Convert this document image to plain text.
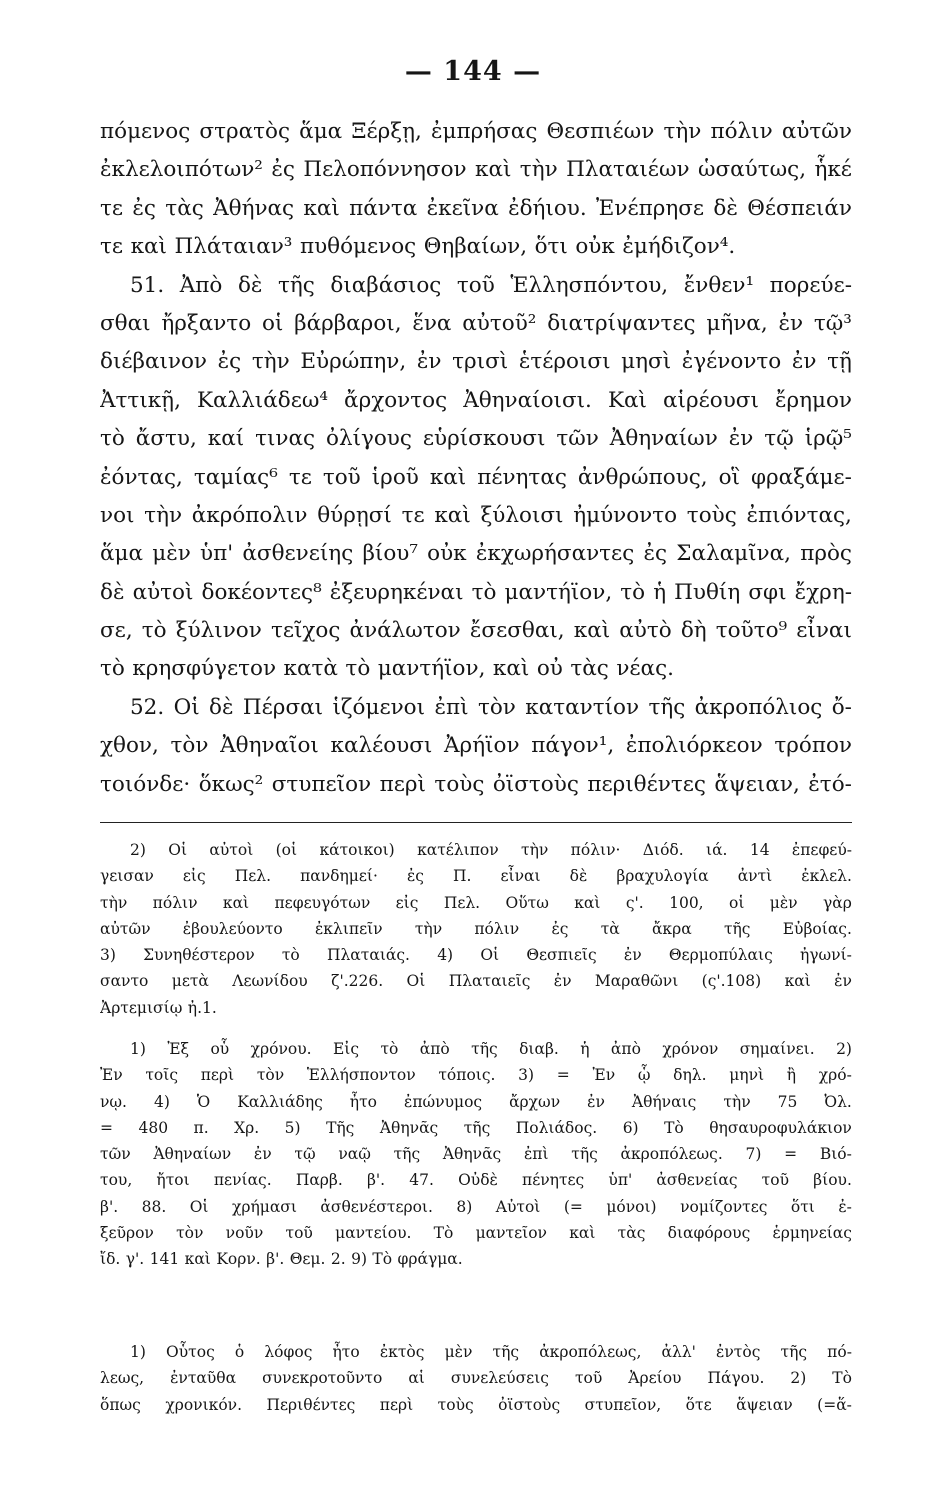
— 144 —
πόμενος στρατὸς ἅμα Ξέρξῃ, ἐμπρήσας Θεσπιέων τὴν πόλιν αὐτῶν
ἐκλελοιπότων² ἐς Πελοπόννησον καὶ τὴν Πλαταιέων ὡσαύτως, ἧκέ
τε ἐς τὰς Ἀθήνας καὶ πάντα ἐκεῖνα ἐδήιου. Ἐνέπρησε δὲ Θέσπειάν
τε καὶ Πλάταιαν³ πυθόμενος Θηβαίων, ὅτι οὐκ ἐμήδιζον⁴.
51. Ἀπὸ δὲ τῆς διαβάσιος τοῦ Ἑλλησπόντου, ἔνθεν¹ πορεύε-
σθαι ἤρξαντο οἱ βάρβαροι, ἕνα αὐτοῦ² διατρίψαντες μῆνα, ἐν τῷ³
διέβαινον ἐς τὴν Εὐρώπην, ἐν τρισὶ ἑτέροισι μησὶ ἐγένοντο ἐν τῇ
Ἀττικῇ, Καλλιάδεω⁴ ἄρχοντος Ἀθηναίοισι. Καὶ αἱρέουσι ἔρημον
τὸ ἄστυ, καί τινας ὀλίγους εὑρίσκουσι τῶν Ἀθηναίων ἐν τῷ ἱρῷ⁵
ἐόντας, ταμίας⁶ τε τοῦ ἱροῦ καὶ πένητας ἀνθρώπους, οἳ φραξάμε-
νοι τὴν ἀκρόπολιν θύρῃσί τε καὶ ξύλοισι ἠμύνοντο τοὺς ἐπιόντας,
ἅμα μὲν ὑπ' ἀσθενείης βίου⁷ οὐκ ἐκχωρήσαντες ἐς Σαλαμῖνα, πρὸς
δὲ αὐτοὶ δοκέοντες⁸ ἐξευρηκέναι τὸ μαντήϊον, τὸ ἡ Πυθίη σφι ἔχρη-
σε, τὸ ξύλινον τεῖχος ἀνάλωτον ἔσεσθαι, καὶ αὐτὸ δὴ τοῦτο⁹ εἶναι
τὸ κρησφύγετον κατὰ τὸ μαντήϊον, καὶ οὐ τὰς νέας.
52. Οἱ δὲ Πέρσαι ἱζόμενοι ἐπὶ τὸν καταντίον τῆς ἀκροπόλιος ὄ-
χθον, τὸν Ἀθηναῖοι καλέουσι Ἀρήϊον πάγον¹, ἐπολιόρκεον τρόπον
τοιόνδε· ὅκως² στυπεῖον περὶ τοὺς ὀϊστοὺς περιθέντες ἅψειαν, ἐτό-
2) Οἱ αὐτοὶ (οἱ κάτοικοι) κατέλιπον τὴν πόλιν· Διόδ. ιά. 14 ἐπεφεύ-
γεισαν εἰς Πελ. πανδημεί· ἐς Π. εἶναι δὲ βραχυλογία ἀντὶ ἐκλελ.
τὴν πόλιν καὶ πεφευγότων εἰς Πελ. Οὕτω καὶ ς'. 100, οἱ μὲν γὰρ
αὐτῶν ἐβουλεύοντο ἐκλιπεῖν τὴν πόλιν ἐς τὰ ἄκρα τῆς Εὐβοίας.
3) Συνηθέστερον τὸ Πλαταιάς. 4) Οἱ Θεσπιεῖς ἐν Θερμοπύλαις ἠγωνί-
σαντο μετὰ Λεωνίδου ζ'.226. Οἱ Πλαταιεῖς ἐν Μαραθῶνι (ς'.108) καὶ ἐν
Ἀρτεμισίῳ ἠ.1.
1) Ἐξ οὗ χρόνου. Εἰς τὸ ἀπὸ τῆς διαβ. ἡ ἀπὸ χρόνον σημαίνει. 2)
Ἐν τοῖς περὶ τὸν Ἑλλήσποντον τόποις. 3) = Ἐν ᾧ δηλ. μηνὶ ἢ χρό-
νῳ. 4) Ὁ Καλλιάδης ἦτο ἐπώνυμος ἄρχων ἐν Ἀθήναις τὴν 75 Ὀλ.
= 480 π. Χρ. 5) Τῆς Ἀθηνᾶς τῆς Πολιάδος. 6) Τὸ θησαυροφυλάκιον
τῶν Ἀθηναίων ἐν τῷ ναῷ τῆς Ἀθηνᾶς ἐπὶ τῆς ἀκροπόλεως. 7) = Βιό-
του, ἤτοι πενίας. Παρβ. β'. 47. Οὐδὲ πένητες ὑπ' ἀσθενείας τοῦ βίου.
β'. 88. Οἱ χρήμασι ἀσθενέστεροι. 8) Αὐτοὶ (= μόνοι) νομίζοντες ὅτι ἐ-
ξεῦρον τὸν νοῦν τοῦ μαντείου. Τὸ μαντεῖον καὶ τὰς διαφόρους ἑρμηνείας
ἴδ. γ'. 141 καὶ Κορν. β'. Θεμ. 2. 9) Τὸ φράγμα.
1) Οὗτος ὁ λόφος ἦτο ἐκτὸς μὲν τῆς ἀκροπόλεως, ἀλλ' ἐντὸς τῆς πό-
λεως, ἐνταῦθα συνεκροτοῦντο αἱ συνελεύσεις τοῦ Ἀρείου Πάγου. 2) Τὸ
ὅπως χρονικόν. Περιθέντες περὶ τοὺς ὀϊστοὺς στυπεῖον, ὅτε ἅψειαν (=ἅ-
